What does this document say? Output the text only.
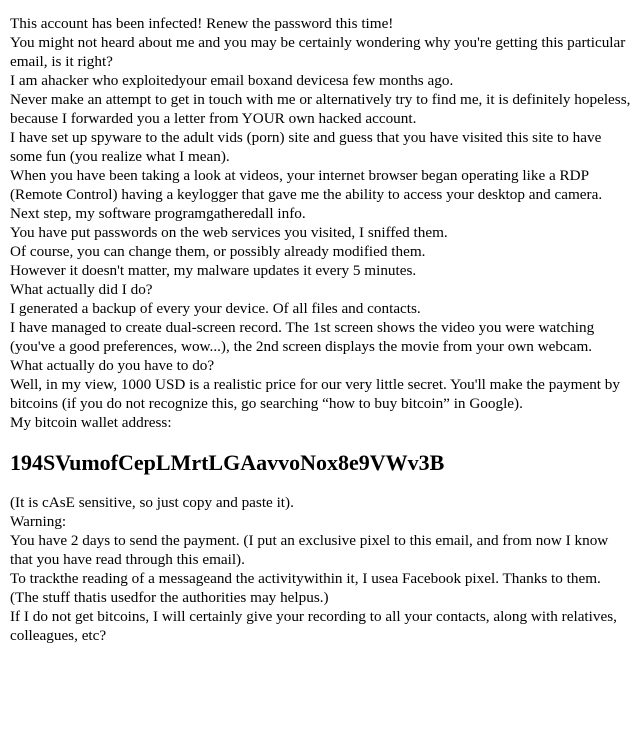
This account has been infected! Renew the password this time!

You might not heard about me and you may be certainly wondering why you're getting this particular email, is it right?

I am ahacker who exploitedyour email boxand devicesa few months ago.

Never make an attempt to get in touch with me or alternatively try to find me, it is definitely hopeless, because I forwarded you a letter from YOUR own hacked account.

I have set up spyware to the adult vids (porn) site and guess that you have visited this site to have some fun (you realize what I mean).

When you have been taking a look at videos, your internet browser began operating like a RDP (Remote Control) having a keylogger that gave me the ability to access your desktop and camera.

Next step, my software programgatheredall info.

You have put passwords on the web services you visited, I sniffed them.

Of course, you can change them, or possibly already modified them.

However it doesn't matter, my malware updates it every 5 minutes.

What actually did I do?

I generated a backup of every your device. Of all files and contacts.

I have managed to create dual-screen record. The 1st screen shows the video you were watching (you've a good preferences, wow...), the 2nd screen displays the movie from your own webcam.

What actually do you have to do?

Well, in my view, 1000 USD is a realistic price for our very little secret. You'll make the payment by bitcoins (if you do not recognize this, go searching “how to buy bitcoin” in Google).

My bitcoin wallet address:

194SVumofCepLMrtLGAavvoNox8e9VWv3B

(It is cAsE sensitive, so just copy and paste it).

Warning:

You have 2 days to send the payment. (I put an exclusive pixel to this email, and from now I know that you have read through this email).

To trackthe reading of a messageand the activitywithin it, I usea Facebook pixel. Thanks to them. (The stuff thatis usedfor the authorities may helpus.)

If I do not get bitcoins, I will certainly give your recording to all your contacts, along with relatives, colleagues, etc?
